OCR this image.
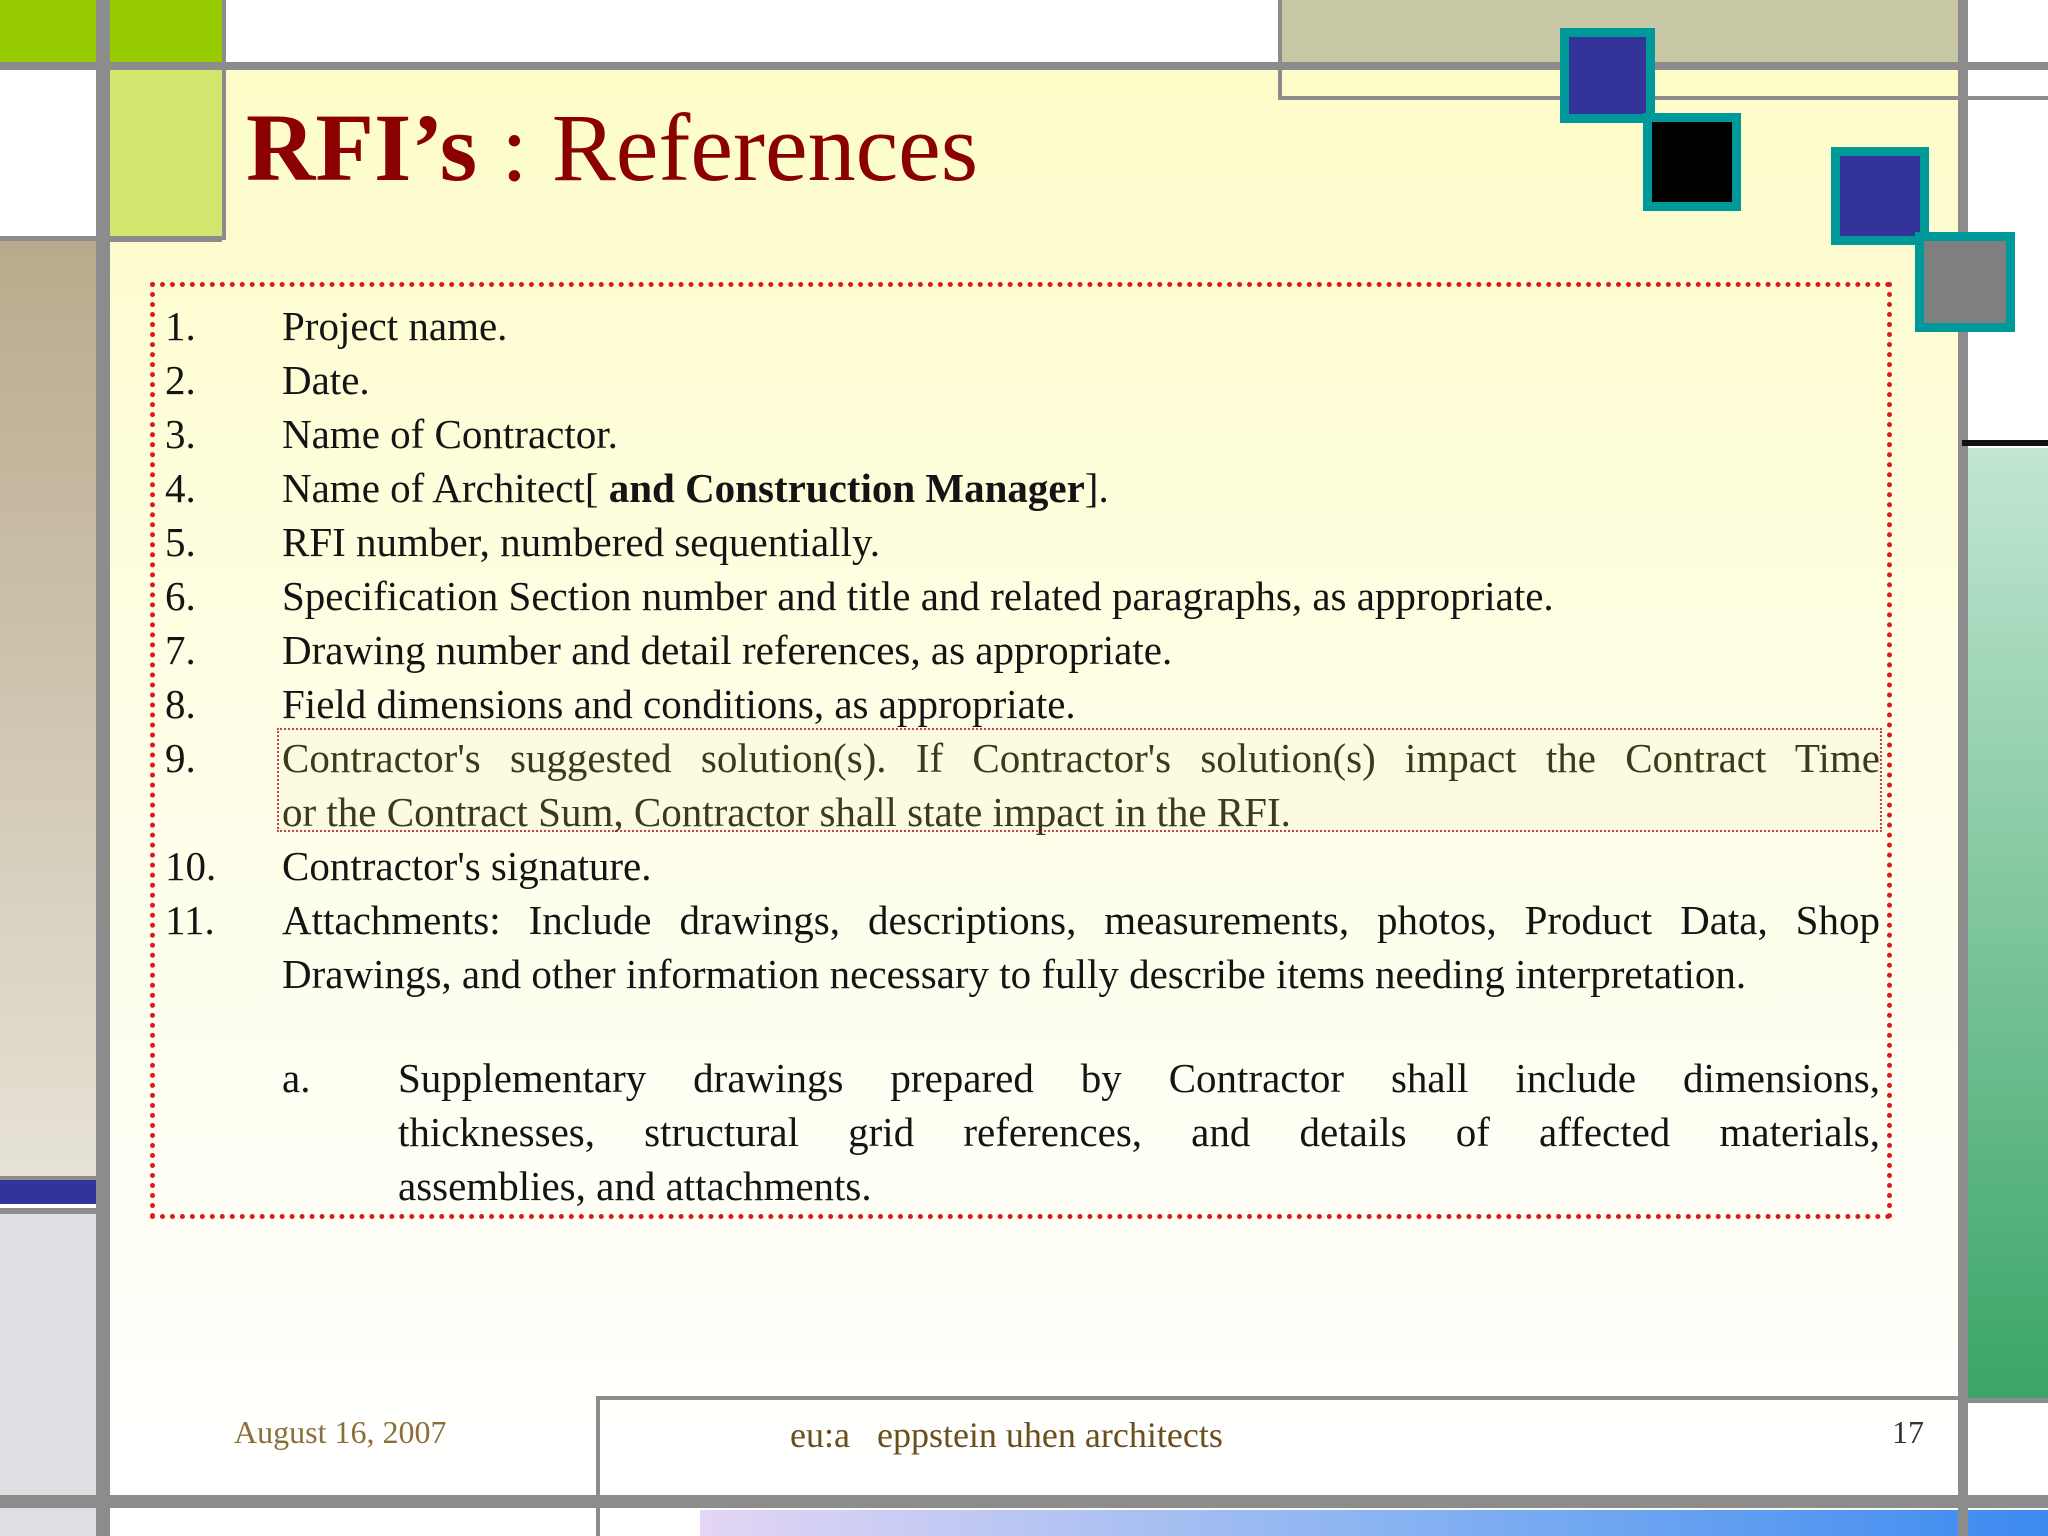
RFI’s : References
1. Project name.
2. Date.
3. Name of Contractor.
4. Name of Architect[ and Construction Manager].
5. RFI number, numbered sequentially.
6. Specification Section number and title and related paragraphs, as appropriate.
7. Drawing number and detail references, as appropriate.
8. Field dimensions and conditions, as appropriate.
9. Contractor's suggested solution(s). If Contractor's solution(s) impact the Contract Time
or the Contract Sum, Contractor shall state impact in the RFI.
10. Contractor's signature.
11. Attachments: Include drawings, descriptions, measurements, photos, Product Data, Shop
Drawings, and other information necessary to fully describe items needing interpretation.
a. Supplementary drawings prepared by Contractor shall include dimensions,
thicknesses, structural grid references, and details of affected materials,
assemblies, and attachments.
August 16, 2007	eu:a   eppstein uhen architects	17
